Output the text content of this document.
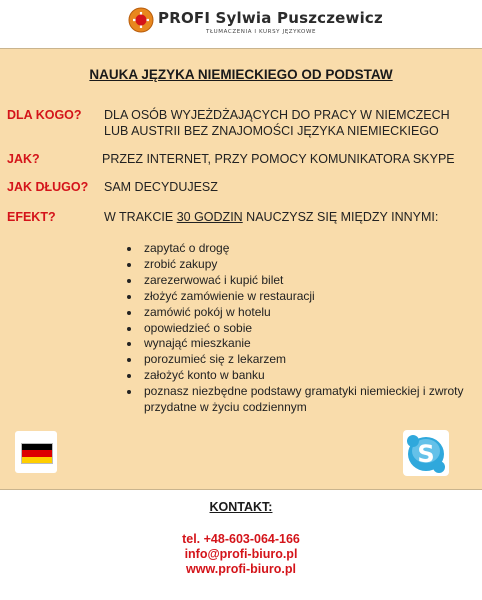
PROFI Sylwia Puszczewicz
TŁUMACZENIA I KURSY JĘZYKOWE
NAUKA JĘZYKA NIEMIECKIEGO OD PODSTAW
DLA KOGO? DLA OSÓB WYJEŻDŻAJĄCYCH DO PRACY W NIEMCZECH
LUB AUSTRII BEZ ZNAJOMOŚCI JĘZYKA NIEMIECKIEGO
JAK?	PRZEZ INTERNET, PRZY POMOCY KOMUNIKATORA SKYPE
JAK DŁUGO? SAM DECYDUJESZ
EFEKT?	W TRAKCIE 30 GODZIN NAUCZYSZ SIĘ MIĘDZY INNYMI:
zapytać o drogę
zrobić zakupy
zarezerwować i kupić bilet
złożyć zamówienie w restauracji
zamówić pokój w hotelu
opowiedzieć o sobie
wynająć mieszkanie
porozumieć się z lekarzem
założyć konto w banku
poznasz niezbędne podstawy gramatyki niemieckiej i zwroty przydatne w życiu codziennym
S
KONTAKT:
tel. +48-603-064-166
info@profi-biuro.pl
www.profi-biuro.pl
